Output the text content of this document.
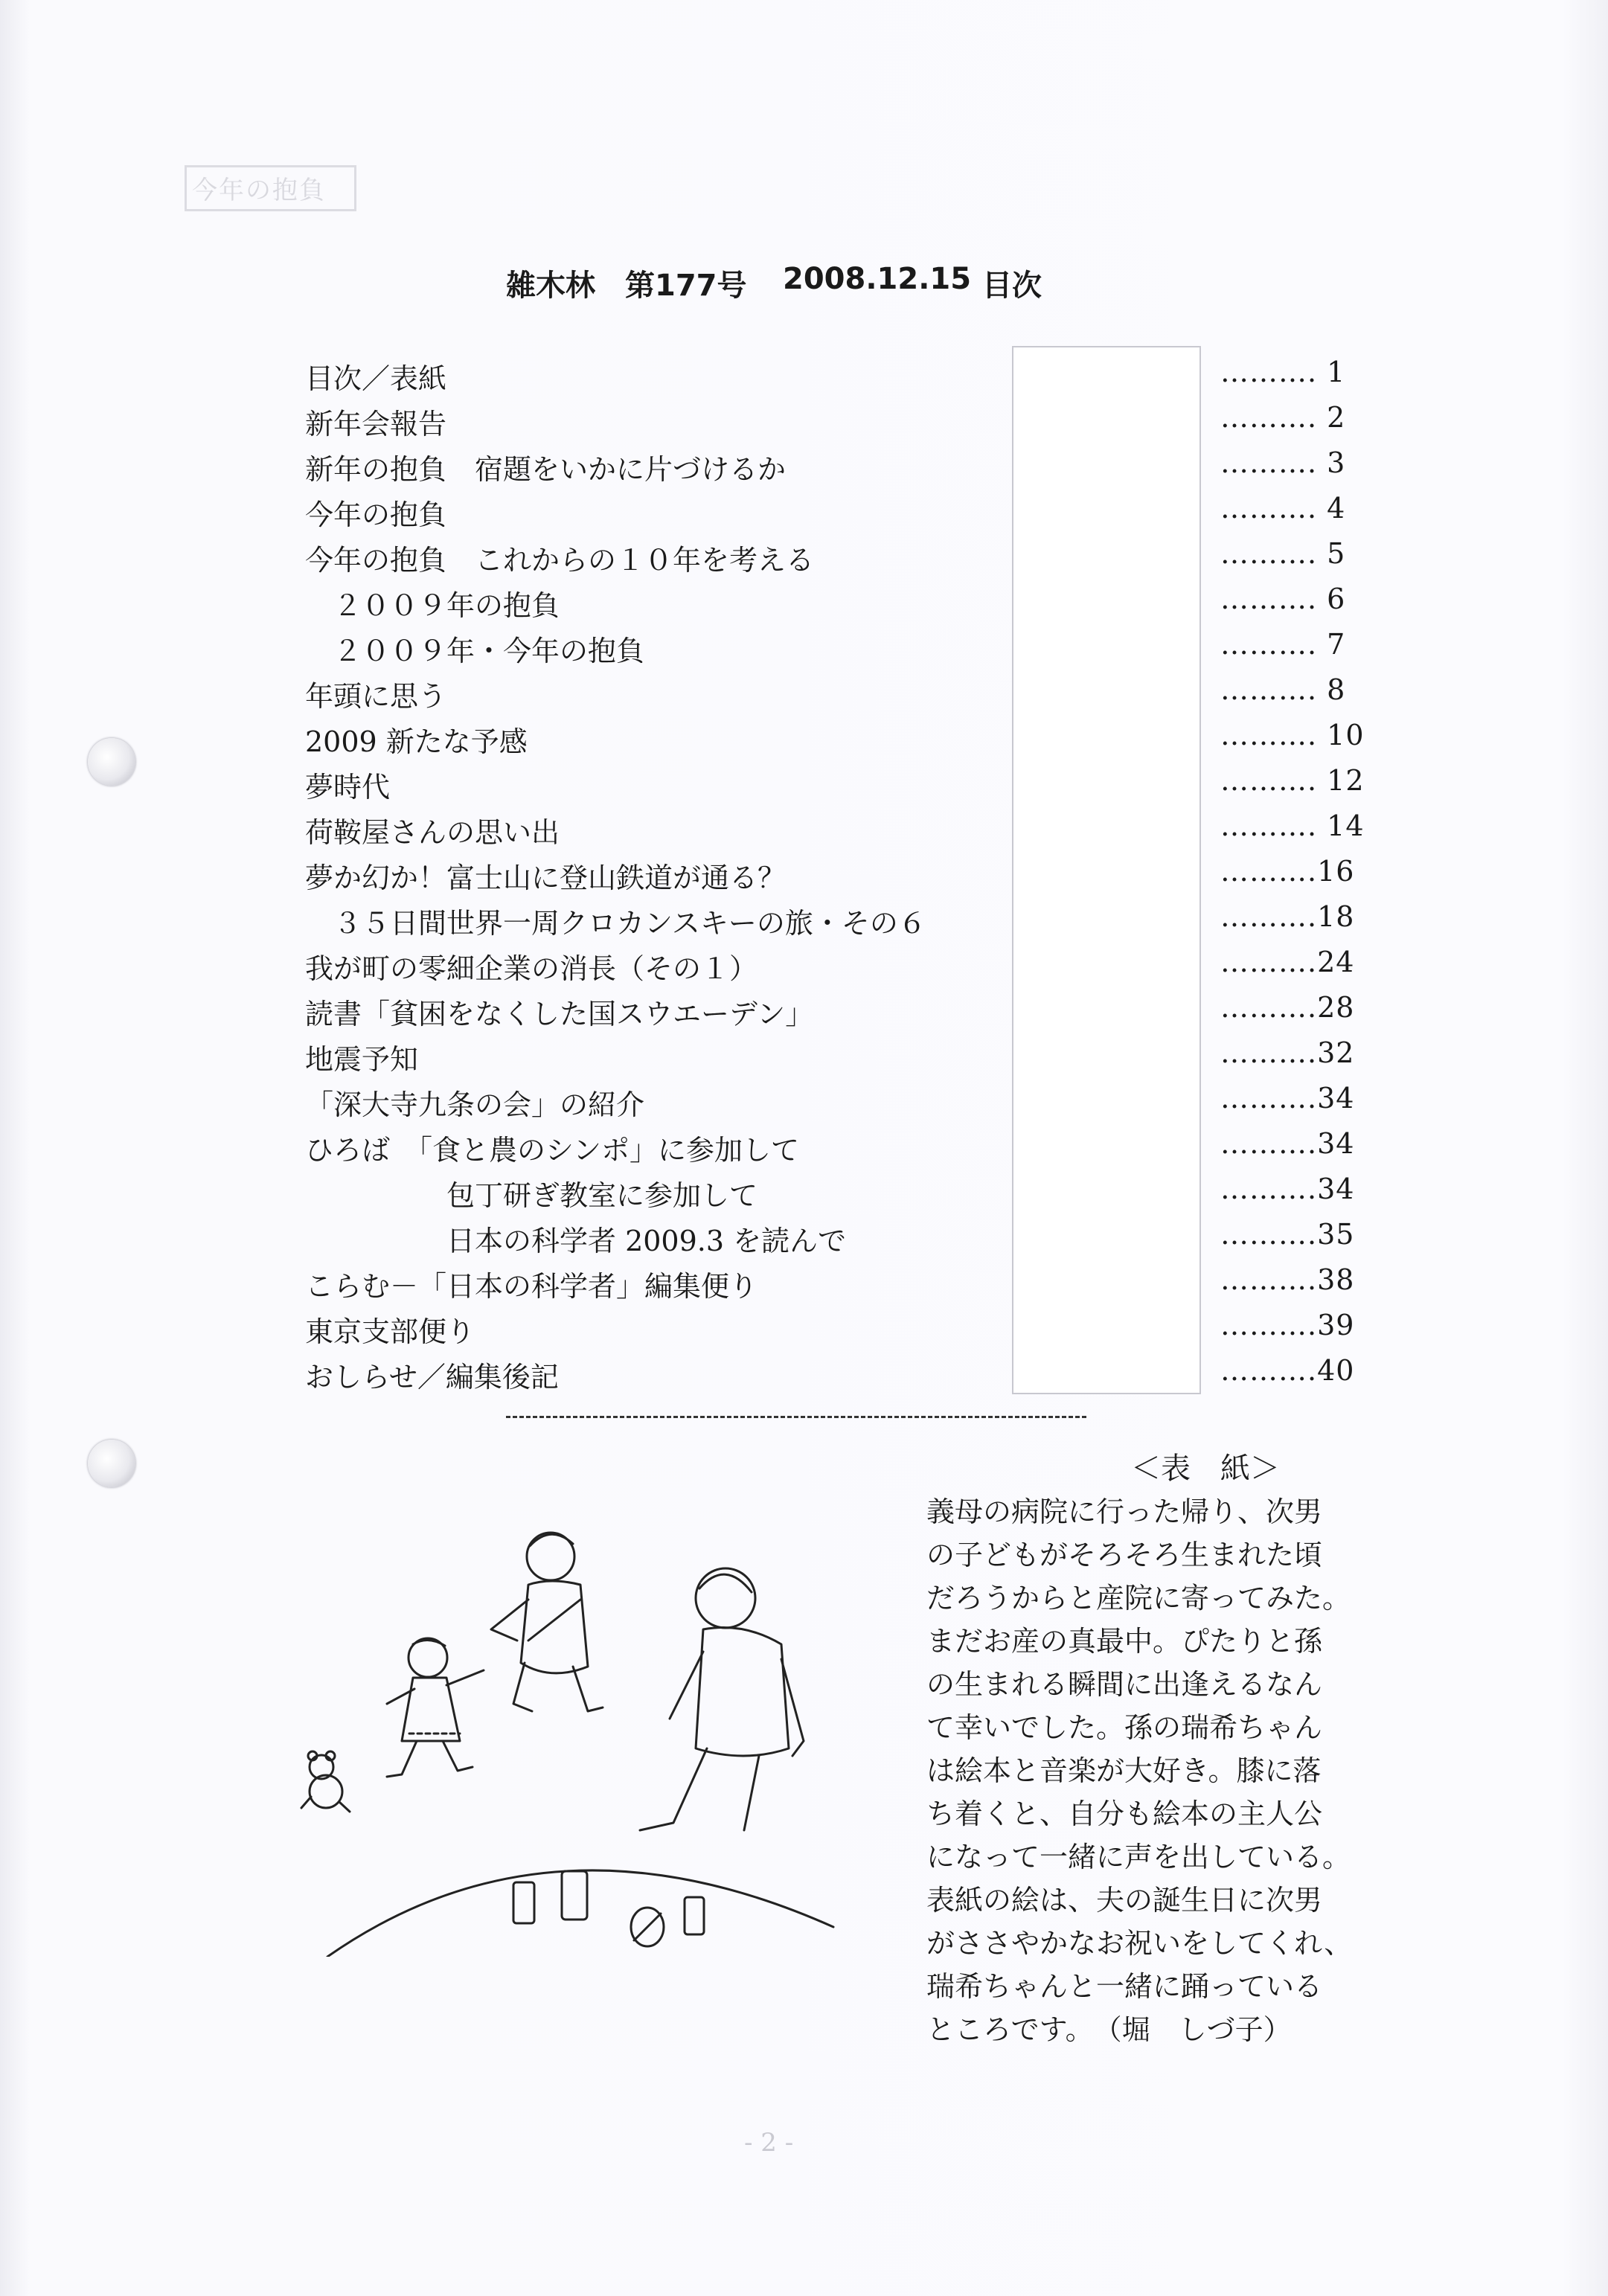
今年の抱負
雑木林 第177号 2008.12.15 目次
目次／表紙	………. 1
新年会報告	………. 2
新年の抱負　宿題をいかに片づけるか	………. 3
今年の抱負	………. 4
今年の抱負　これからの１０年を考える	………. 5
　２００９年の抱負	………. 6
　２００９年・今年の抱負	………. 7
年頭に思う	………. 8
2009 新たな予感	………. 10
夢時代	………. 12
荷鞍屋さんの思い出	………. 14
夢か幻か！富士山に登山鉄道が通る？	……….16
　３５日間世界一周クロカンスキーの旅・その６	……….18
我が町の零細企業の消長（その１）	……….24
読書「貧困をなくした国スウエーデン」	……….28
地震予知	……….32
「深大寺九条の会」の紹介	……….34
ひろば　「食と農のシンポ」に参加して	……….34
　　　　　包丁研ぎ教室に参加して	……….34
　　　　　日本の科学者 2009.3 を読んで	……….35
こらむ－「日本の科学者」編集便り	……….38
東京支部便り	……….39
おしらせ／編集後記	……….40
＜表　紙＞
義母の病院に行った帰り、次男
の子どもがそろそろ生まれた頃
だろうからと産院に寄ってみた。
まだお産の真最中。ぴたりと孫
の生まれる瞬間に出逢えるなん
て幸いでした。孫の瑞希ちゃん
は絵本と音楽が大好き。膝に落
ち着くと、自分も絵本の主人公
になって一緒に声を出している。
表紙の絵は、夫の誕生日に次男
がささやかなお祝いをしてくれ、
瑞希ちゃんと一緒に踊っている
ところです。　（堀　しづ子）
- 2 -
